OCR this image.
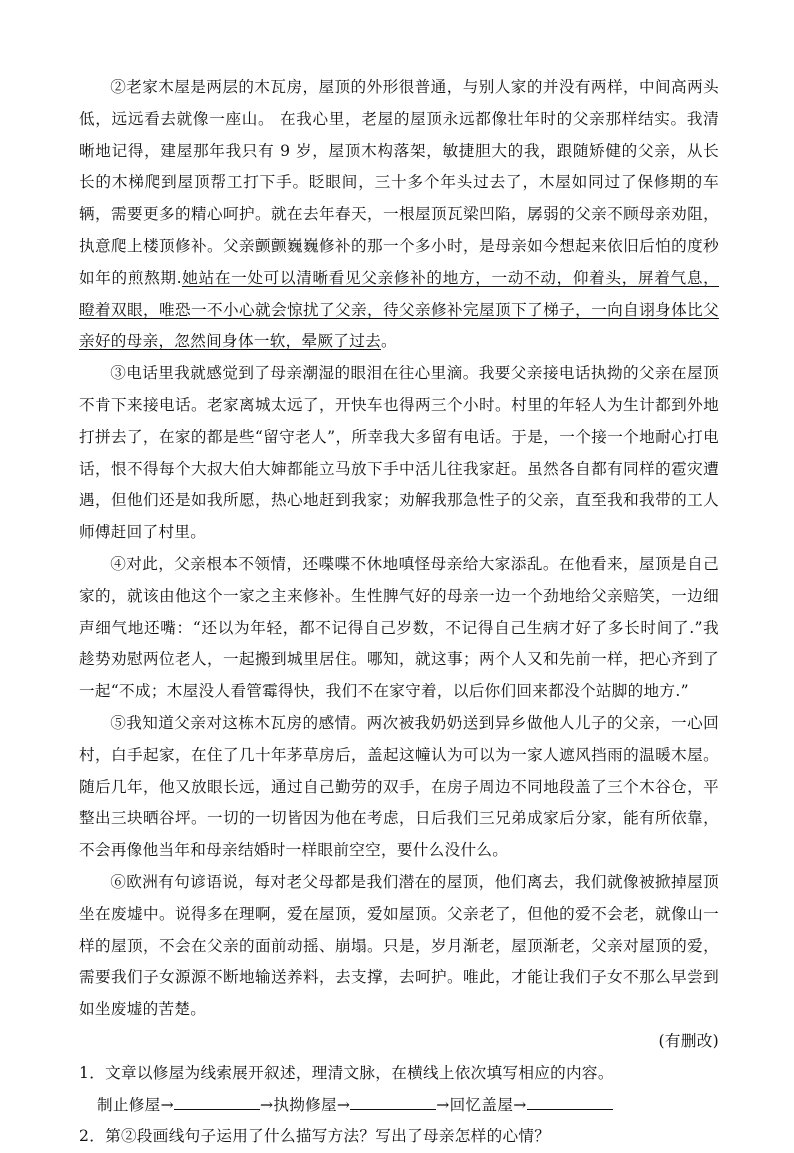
②老家木屋是两层的木瓦房，屋顶的外形很普通，与别人家的并没有两样，中间高两头低，远远看去就像一座山。 在我心里，老屋的屋顶永远都像壮年时的父亲那样结实。我清晰地记得，建屋那年我只有 9 岁，屋顶木构落架，敏捷胆大的我，跟随矫健的父亲，从长长的木梯爬到屋顶帮工打下手。眨眼间，三十多个年头过去了，木屋如同过了保修期的车辆，需要更多的精心呵护。就在去年春天，一根屋顶瓦梁凹陷，孱弱的父亲不顾母亲劝阻，执意爬上楼顶修补。父亲颤颤巍巍修补的那一个多小时，是母亲如今想起来依旧后怕的度秒如年的煎熬期.她站在一处可以清晰看见父亲修补的地方，一动不动，仰着头，屏着气息，瞪着双眼，唯恐一不小心就会惊扰了父亲，待父亲修补完屋顶下了梯子，一向自诩身体比父亲好的母亲，忽然间身体一软，晕厥了过去。

③电话里我就感觉到了母亲潮湿的眼泪在往心里滴。我要父亲接电话执拗的父亲在屋顶不肯下来接电话。老家离城太远了，开快车也得两三个小时。村里的年轻人为生计都到外地打拼去了，在家的都是些“留守老人”，所幸我大多留有电话。于是，一个接一个地耐心打电话，恨不得每个大叔大伯大婶都能立马放下手中活儿往我家赶。虽然各自都有同样的雹灾遭遇，但他们还是如我所愿，热心地赶到我家；劝解我那急性子的父亲，直至我和我带的工人师傅赶回了村里。

④对此，父亲根本不领情，还喋喋不休地嗔怪母亲给大家添乱。在他看来，屋顶是自己家的，就该由他这个一家之主来修补。生性脾气好的母亲一边一个劲地给父亲赔笑，一边细声细气地还嘴：“还以为年轻，都不记得自己岁数，不记得自己生病才好了多长时间了.”我趁势劝慰两位老人，一起搬到城里居住。哪知，就这事；两个人又和先前一样，把心齐到了一起“不成；木屋没人看管霉得快，我们不在家守着，以后你们回来都没个站脚的地方.”

⑤我知道父亲对这栋木瓦房的感情。两次被我奶奶送到异乡做他人儿子的父亲，一心回村，白手起家，在住了几十年茅草房后，盖起这幢认为可以为一家人遮风挡雨的温暖木屋。随后几年，他又放眼长远，通过自己勤劳的双手，在房子周边不同地段盖了三个木谷仓，平整出三块晒谷坪。一切的一切皆因为他在考虑，日后我们三兄弟成家后分家，能有所依靠，不会再像他当年和母亲结婚时一样眼前空空，要什么没什么。

⑥欧洲有句谚语说，每对老父母都是我们潜在的屋顶，他们离去，我们就像被掀掉屋顶坐在废墟中。说得多在理啊，爱在屋顶，爱如屋顶。父亲老了，但他的爱不会老，就像山一样的屋顶，不会在父亲的面前动摇、崩塌。只是，岁月渐老，屋顶渐老，父亲对屋顶的爱，需要我们子女源源不断地输送养料，去支撑，去呵护。唯此，才能让我们子女不那么早尝到如坐废墟的苦楚。

(有删改)

1．文章以修屋为线索展开叙述，理清文脉，在横线上依次填写相应的内容。

制止修屋→	→执拗修屋→	→回忆盖屋→

2．第②段画线句子运用了什么描写方法？写出了母亲怎样的心情？
